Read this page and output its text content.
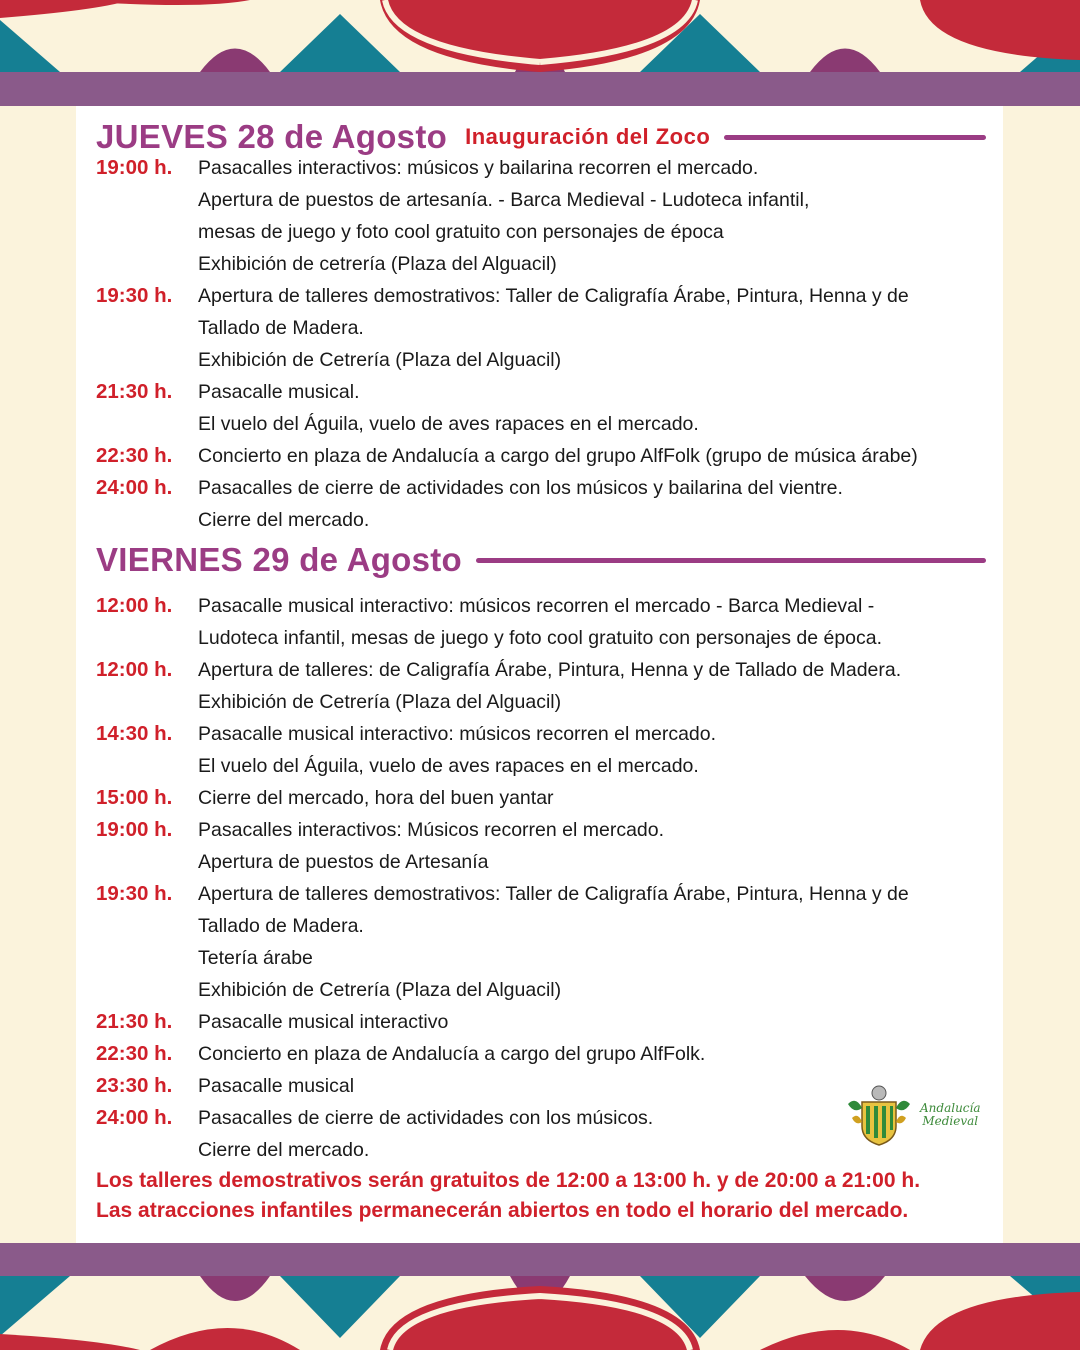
JUEVES 28 de Agosto Inauguración del Zoco
19:00 h.	Pasacalles interactivos: músicos y bailarina recorren el mercado.
Apertura de puestos de artesanía. - Barca Medieval - Ludoteca infantil,
mesas de juego y foto cool gratuito con personajes de época
Exhibición de cetrería (Plaza del Alguacil)
19:30 h.	Apertura de talleres demostrativos: Taller de Caligrafía Árabe, Pintura, Henna y de
Tallado de Madera.
Exhibición de Cetrería (Plaza del Alguacil)
21:30 h.	Pasacalle musical.
El vuelo del Águila, vuelo de aves rapaces en el mercado.
22:30 h.	Concierto en plaza de Andalucía a cargo del grupo AlfFolk (grupo de música árabe)
24:00 h.	Pasacalles de cierre de actividades con los músicos y bailarina del vientre.
Cierre del mercado.
VIERNES 29 de Agosto
12:00 h.	Pasacalle musical interactivo: músicos recorren el mercado - Barca Medieval -
Ludoteca infantil, mesas de juego y foto cool gratuito con personajes de época.
12:00 h.	Apertura de talleres: de Caligrafía Árabe, Pintura, Henna y de Tallado de Madera.
Exhibición de Cetrería (Plaza del Alguacil)
14:30 h.	Pasacalle musical interactivo: músicos recorren el mercado.
El vuelo del Águila, vuelo de aves rapaces en el mercado.
15:00 h.	Cierre del mercado, hora del buen yantar
19:00 h.	Pasacalles interactivos: Músicos recorren el mercado.
Apertura de puestos de Artesanía
19:30 h.	Apertura de talleres demostrativos: Taller de Caligrafía Árabe, Pintura, Henna y de
Tallado de Madera.
Tetería árabe
Exhibición de Cetrería (Plaza del Alguacil)
21:30 h.	Pasacalle musical interactivo
22:30 h.	Concierto en plaza de Andalucía a cargo del grupo AlfFolk.
23:30 h.	Pasacalle musical
24:00 h.	Pasacalles de cierre de actividades con los músicos.
Cierre del mercado.
Andalucía
Medieval
Los talleres demostrativos serán gratuitos de 12:00 a 13:00 h. y de 20:00 a 21:00 h.
Las atracciones infantiles permanecerán abiertos en todo el horario del mercado.
